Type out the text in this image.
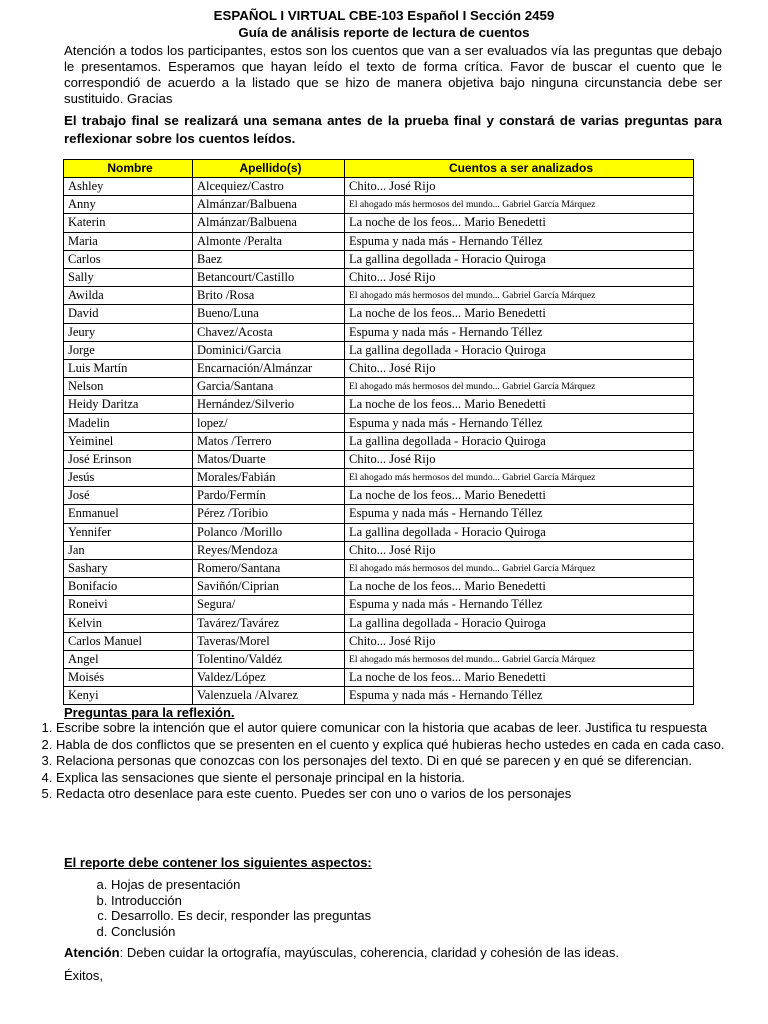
ESPAÑOL I VIRTUAL CBE-103 Español I Sección 2459
Guía de análisis reporte de lectura de cuentos
Atención a todos los participantes, estos son los cuentos que van a ser evaluados vía las preguntas que debajo le presentamos. Esperamos que hayan leído el texto de forma crítica. Favor de buscar el cuento que le correspondió de acuerdo a la listado que se hizo de manera objetiva bajo ninguna circunstancia debe ser sustituido. Gracias
El trabajo final se realizará una semana antes de la prueba final y constará de varias preguntas para reflexionar sobre los cuentos leídos.
Nombre	Apellido(s)	Cuentos a ser analizados
Ashley	Alcequiez/Castro	Chito... José Rijo
Anny	Almánzar/Balbuena	El ahogado más hermosos del mundo... Gabriel García Márquez
Katerin	Almánzar/Balbuena	La noche de los feos... Mario Benedetti
Maria	Almonte /Peralta	Espuma y nada más - Hernando Téllez
Carlos	Baez	La gallina degollada - Horacio Quiroga
Sally	Betancourt/Castillo	Chito... José Rijo
Awilda	Brito /Rosa	El ahogado más hermosos del mundo... Gabriel García Márquez
David	Bueno/Luna	La noche de los feos... Mario Benedetti
Jeury	Chavez/Acosta	Espuma y nada más - Hernando Téllez
Jorge	Dominici/Garcia	La gallina degollada - Horacio Quiroga
Luis Martín	Encarnación/Almánzar	Chito... José Rijo
Nelson	Garcia/Santana	El ahogado más hermosos del mundo... Gabriel García Márquez
Heidy Daritza	Hernández/Silverio	La noche de los feos... Mario Benedetti
Madelin	lopez/	Espuma y nada más - Hernando Téllez
Yeiminel	Matos /Terrero	La gallina degollada - Horacio Quiroga
José Erinson	Matos/Duarte	Chito... José Rijo
Jesús	Morales/Fabián	El ahogado más hermosos del mundo... Gabriel García Márquez
José	Pardo/Fermín	La noche de los feos... Mario Benedetti
Enmanuel	Pérez /Toribio	Espuma y nada más - Hernando Téllez
Yennifer	Polanco /Morillo	La gallina degollada - Horacio Quiroga
Jan	Reyes/Mendoza	Chito... José Rijo
Sashary	Romero/Santana	El ahogado más hermosos del mundo... Gabriel García Márquez
Bonifacio	Saviñón/Ciprian	La noche de los feos... Mario Benedetti
Roneivi	Segura/	Espuma y nada más - Hernando Téllez
Kelvin	Tavárez/Tavárez	La gallina degollada - Horacio Quiroga
Carlos Manuel	Taveras/Morel	Chito... José Rijo
Angel	Tolentino/Valdéz	El ahogado más hermosos del mundo... Gabriel García Márquez
Moisés	Valdez/López	La noche de los feos... Mario Benedetti
Kenyi	Valenzuela /Alvarez	Espuma y nada más - Hernando Téllez
Preguntas para la reflexión.
1. Escribe sobre la intención que el autor quiere comunicar con la historia que acabas de leer. Justifica tu respuesta
2. Habla de dos conflictos que se presenten en el cuento y explica qué hubieras hecho ustedes en cada en cada caso.
3. Relaciona personas que conozcas con los personajes del texto. Di en qué se parecen y en qué se diferencian.
4. Explica las sensaciones que siente el personaje principal en la historia.
5. Redacta otro desenlace para este cuento. Puedes ser con uno o varios de los personajes
El reporte debe contener los siguientes aspectos:
a. Hojas de presentación
b. Introducción
c. Desarrollo. Es decir, responder las preguntas
d. Conclusión
Atención: Deben cuidar la ortografía, mayúsculas, coherencia, claridad y cohesión de las ideas.
Éxitos,
